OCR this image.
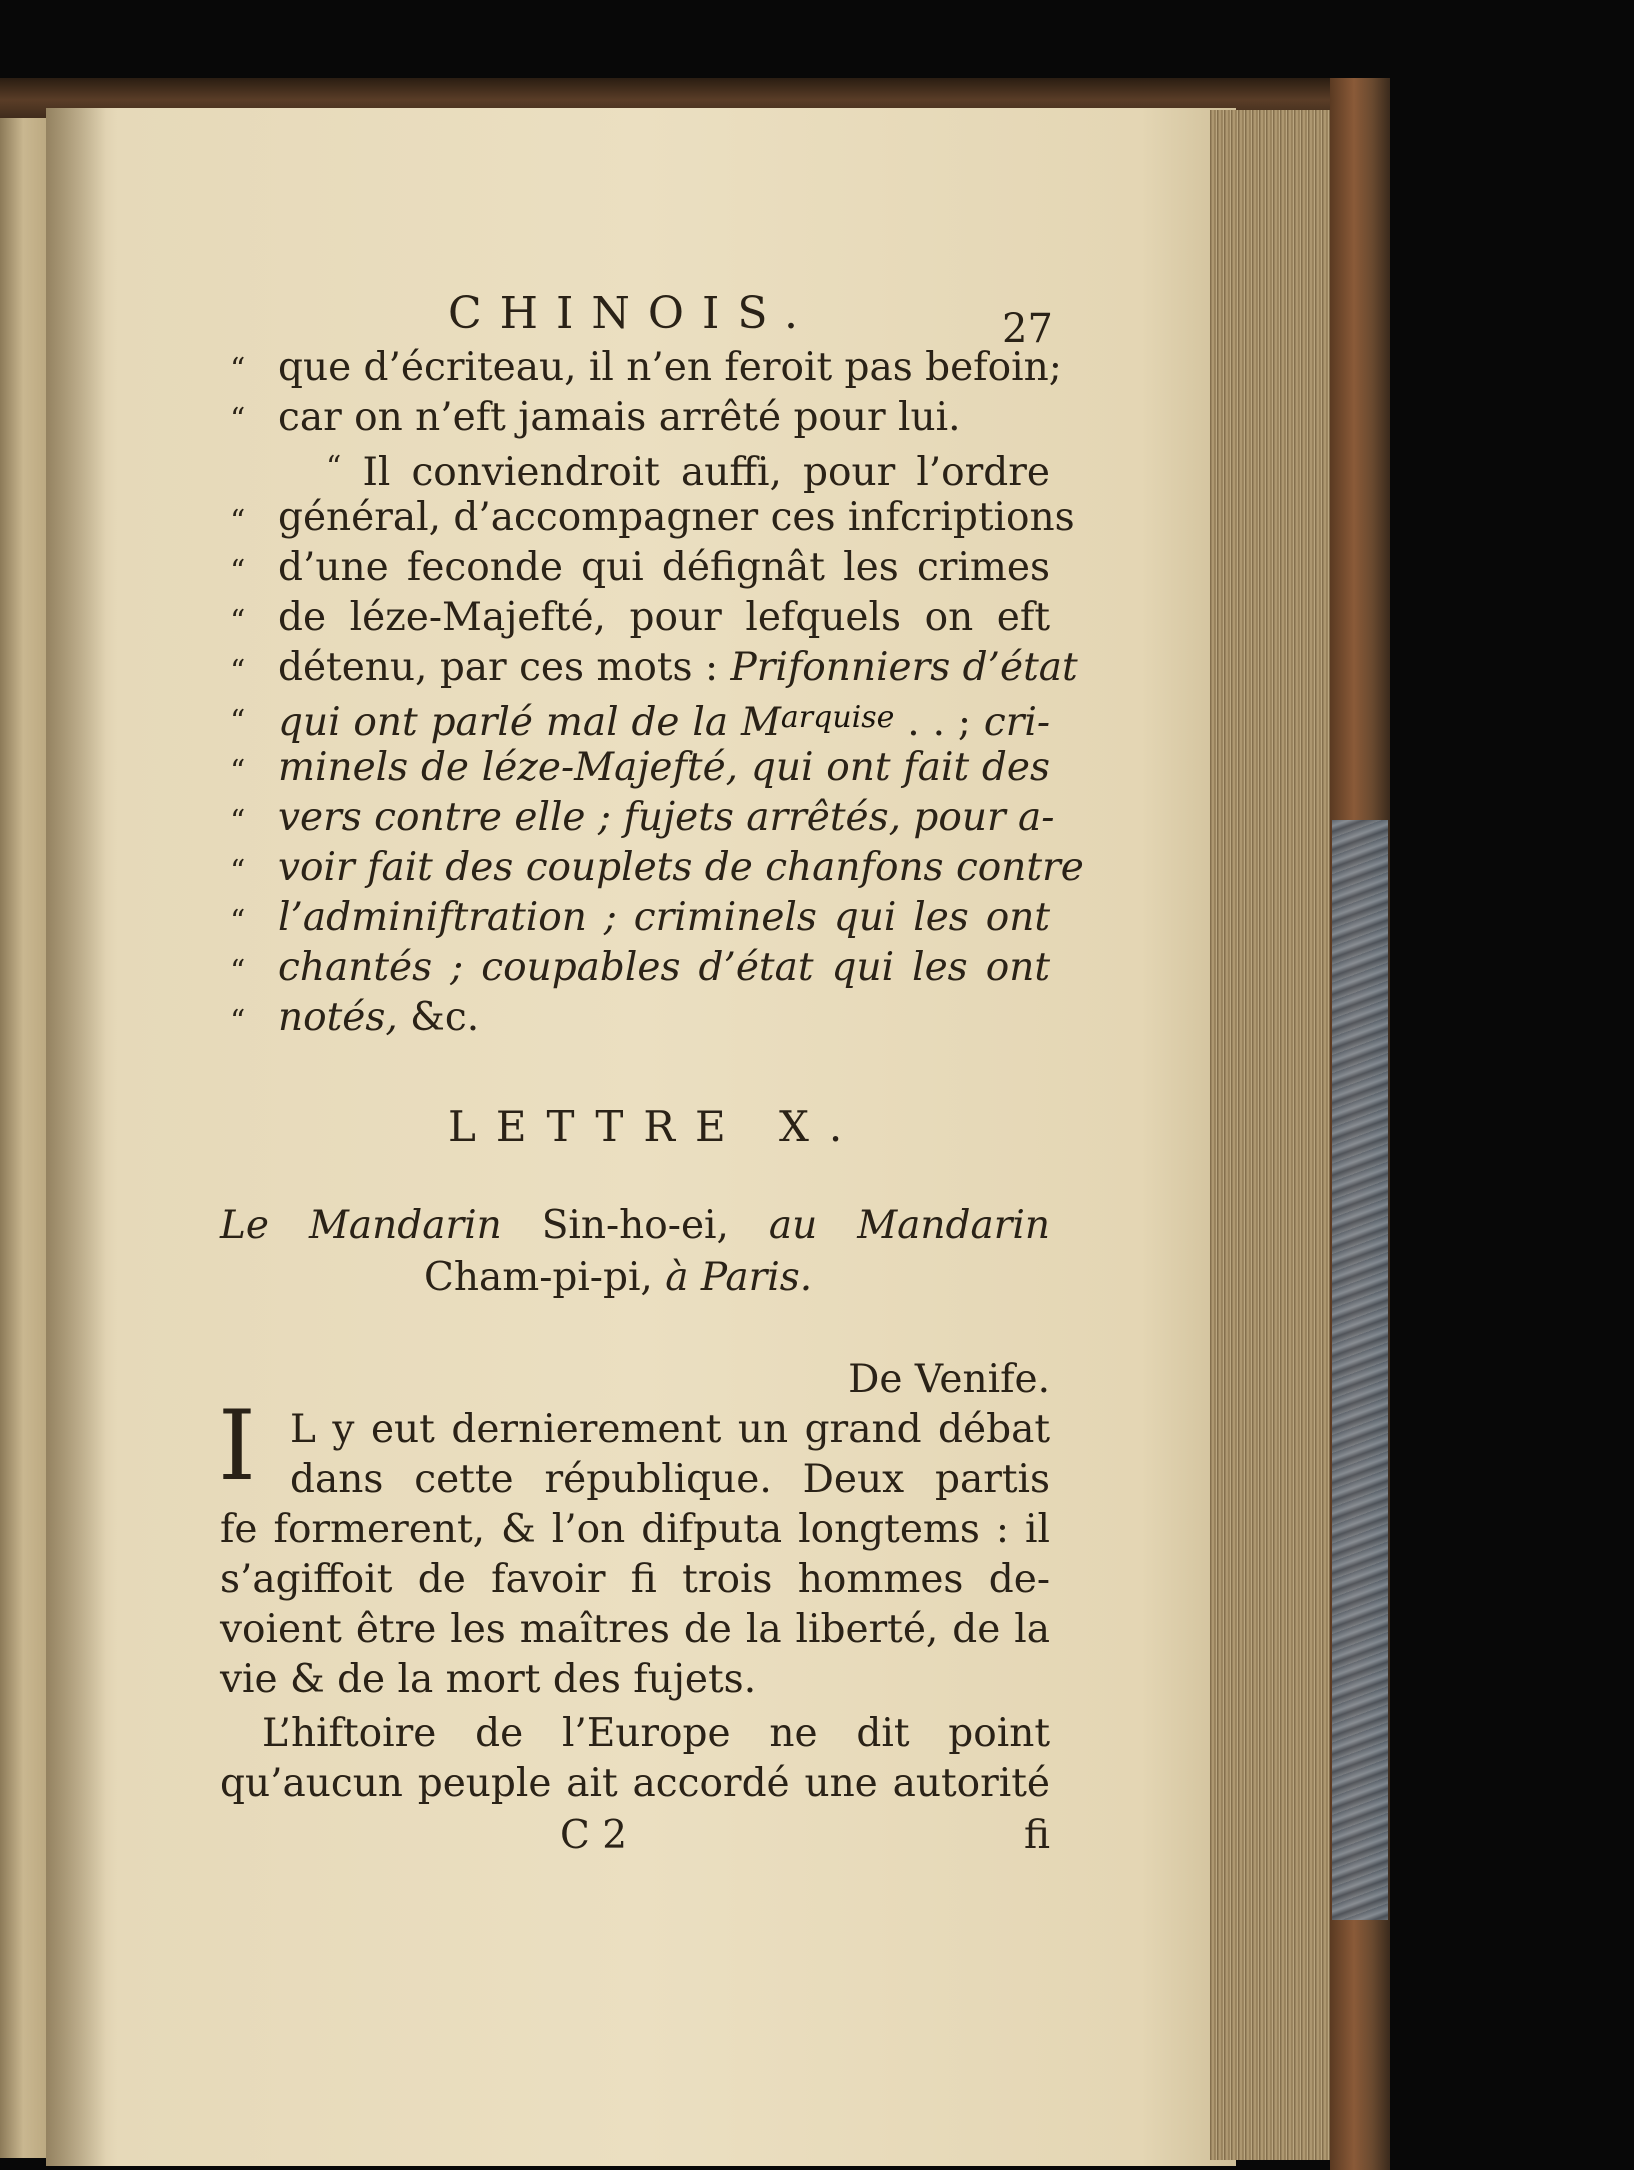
CHINOIS.	27
“
“
“
“
“
“
“
“
“
“
“
“
“
que d’écriteau, il n’en feroit pas befoin;
car on n’eft jamais arrêté pour lui.
“ Il conviendroit auffi, pour l’ordre
général, d’accompagner ces infcriptions
d’une feconde qui défignât les crimes
de léze-Majefté, pour lefquels on eft
détenu, par ces mots : Prifonniers d’état
qui ont parlé mal de la $M^{arquise}$ . . ; cri-
minels de léze-Majefté, qui ont fait des
vers contre elle ; fujets arrêtés, pour a-
voir fait des couplets de chanfons contre
l’adminiftration ; criminels qui les ont
chantés ; coupables d’état qui les ont
notés, &c.
LETTRE X.
Le Mandarin Sin-ho-ei, au Mandarin
Cham-pi-pi, à Paris.
De Venife.
I L y eut dernierement un grand débat
dans cette république. Deux partis
fe formerent, & l’on difputa longtems : il
s’agiffoit de favoir fi trois hommes de-
voient être les maîtres de la liberté, de la
vie & de la mort des fujets.
L’hiftoire de l’Europe ne dit point
qu’aucun peuple ait accordé une autorité
C 2	fi
